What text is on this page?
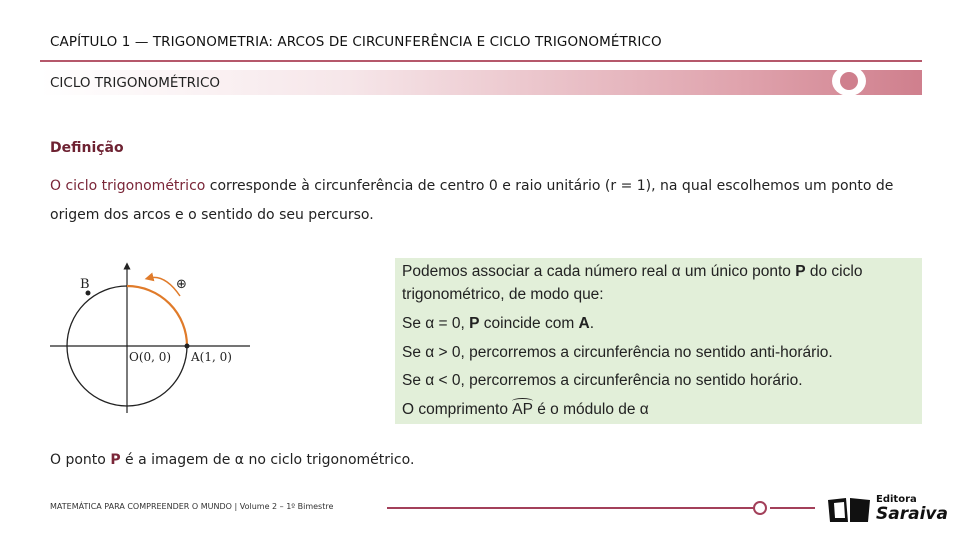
CAPÍTULO 1 — TRIGONOMETRIA: ARCOS DE CIRCUNFERÊNCIA E CICLO TRIGONOMÉTRICO
CICLO TRIGONOMÉTRICO
Definição
O ciclo trigonométrico corresponde à circunferência de centro 0 e raio unitário (r = 1), na qual escolhemos um ponto de origem dos arcos e o sentido do seu percurso.
B	⊕
O(0, 0) A(1, 0)
Podemos associar a cada número real α um único ponto P do ciclo
trigonométrico, de modo que:
Se α = 0, P coincide com A.
Se α > 0, percorremos a circunferência no sentido anti-horário.
Se α < 0, percorremos a circunferência no sentido horário.
O comprimento AP é o módulo de α
O ponto P é a imagem de α no ciclo trigonométrico.
MATEMÁTICA PARA COMPREENDER O MUNDO | Volume 2 – 1º Bimestre
Editora
Saraiva
